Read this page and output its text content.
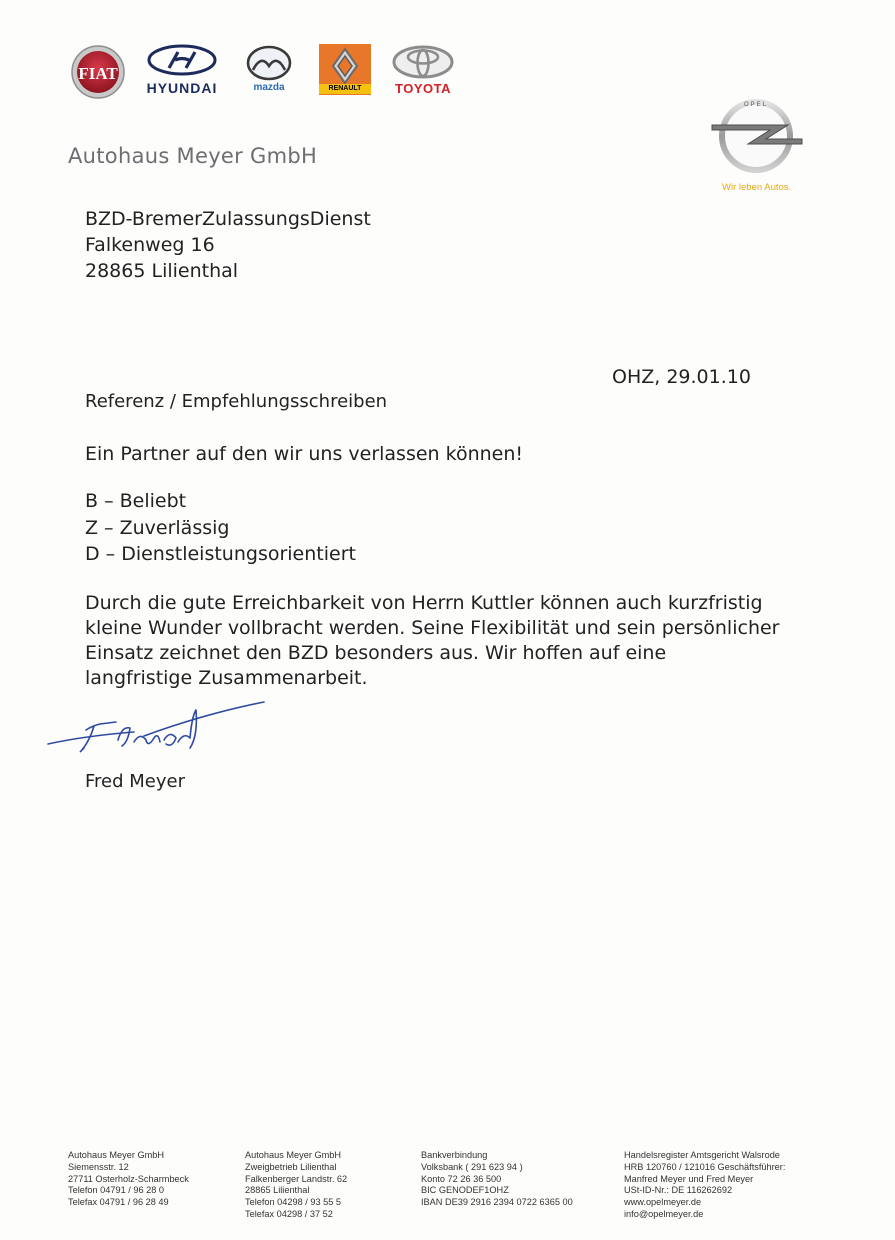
FIAT
HYUNDAI	mazda	RENAULT	TOYOTA
OPEL
Wir leben Autos.
Autohaus Meyer GmbH
BZD-BremerZulassungsDienst
Falkenweg 16
28865 Lilienthal
OHZ, 29.01.10
Referenz / Empfehlungsschreiben
Ein Partner auf den wir uns verlassen können!
B – Beliebt
Z – Zuverlässig
D – Dienstleistungsorientiert
Durch die gute Erreichbarkeit von Herrn Kuttler können auch kurzfristig
kleine Wunder vollbracht werden. Seine Flexibilität und sein persönlicher
Einsatz zeichnet den BZD besonders aus. Wir hoffen auf eine
langfristige Zusammenarbeit.
Fred Meyer
Autohaus Meyer GmbH
Siemensstr. 12
27711 Osterholz-Scharmbeck
Telefon 04791 / 96 28 0
Telefax 04791 / 96 28 49
Autohaus Meyer GmbH
Zweigbetrieb Lilienthal
Falkenberger Landstr. 62
28865 Lilienthal
Telefon 04298 / 93 55 5
Telefax 04298 / 37 52
Bankverbindung
Volksbank ( 291 623 94 )
Konto 72 26 36 500
BIC GENODEF1OHZ
IBAN DE39 2916 2394 0722 6365 00
Handelsregister Amtsgericht Walsrode
HRB 120760 / 121016 Geschäftsführer:
Manfred Meyer und Fred Meyer
USt-ID-Nr.: DE 116262692
www.opelmeyer.de
info@opelmeyer.de
